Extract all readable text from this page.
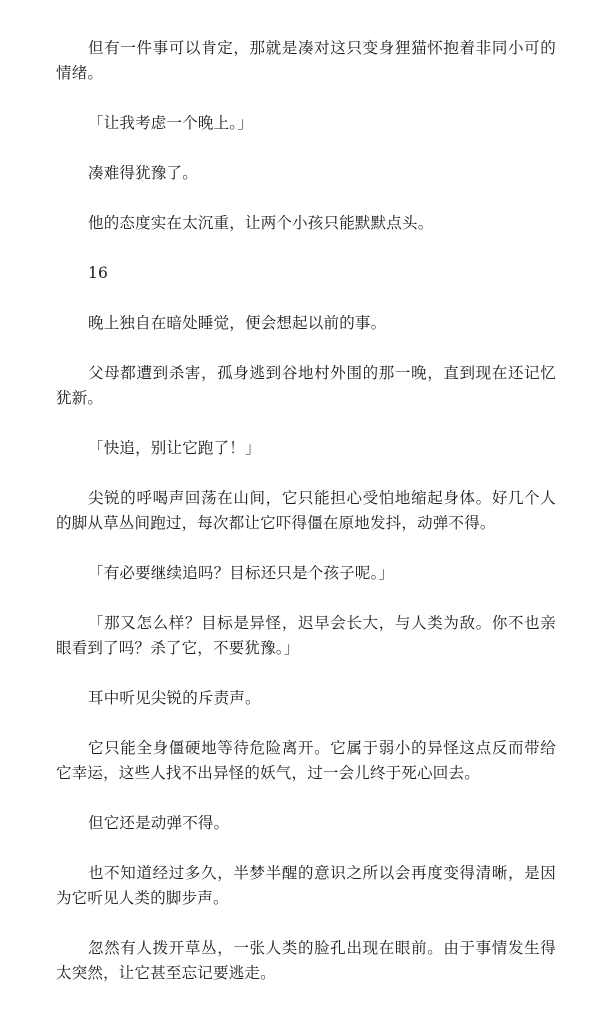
但有一件事可以肯定，那就是凑对这只变身狸猫怀抱着非同小可的情绪。

「让我考虑一个晚上。」

凑难得犹豫了。

他的态度实在太沉重，让两个小孩只能默默点头。

16

晚上独自在暗处睡觉，便会想起以前的事。

父母都遭到杀害，孤身逃到谷地村外围的那一晚，直到现在还记忆犹新。

「快追，别让它跑了！」

尖锐的呼喝声回荡在山间，它只能担心受怕地缩起身体。好几个人的脚从草丛间跑过，每次都让它吓得僵在原地发抖，动弹不得。

「有必要继续追吗？目标还只是个孩子呢。」

「那又怎么样？目标是异怪，迟早会长大，与人类为敌。你不也亲眼看到了吗？杀了它，不要犹豫。」

耳中听见尖锐的斥责声。

它只能全身僵硬地等待危险离开。它属于弱小的异怪这点反而带给它幸运，这些人找不出异怪的妖气，过一会儿终于死心回去。

但它还是动弹不得。

也不知道经过多久，半梦半醒的意识之所以会再度变得清晰，是因为它听见人类的脚步声。

忽然有人拨开草丛，一张人类的脸孔出现在眼前。由于事情发生得太突然，让它甚至忘记要逃走。
